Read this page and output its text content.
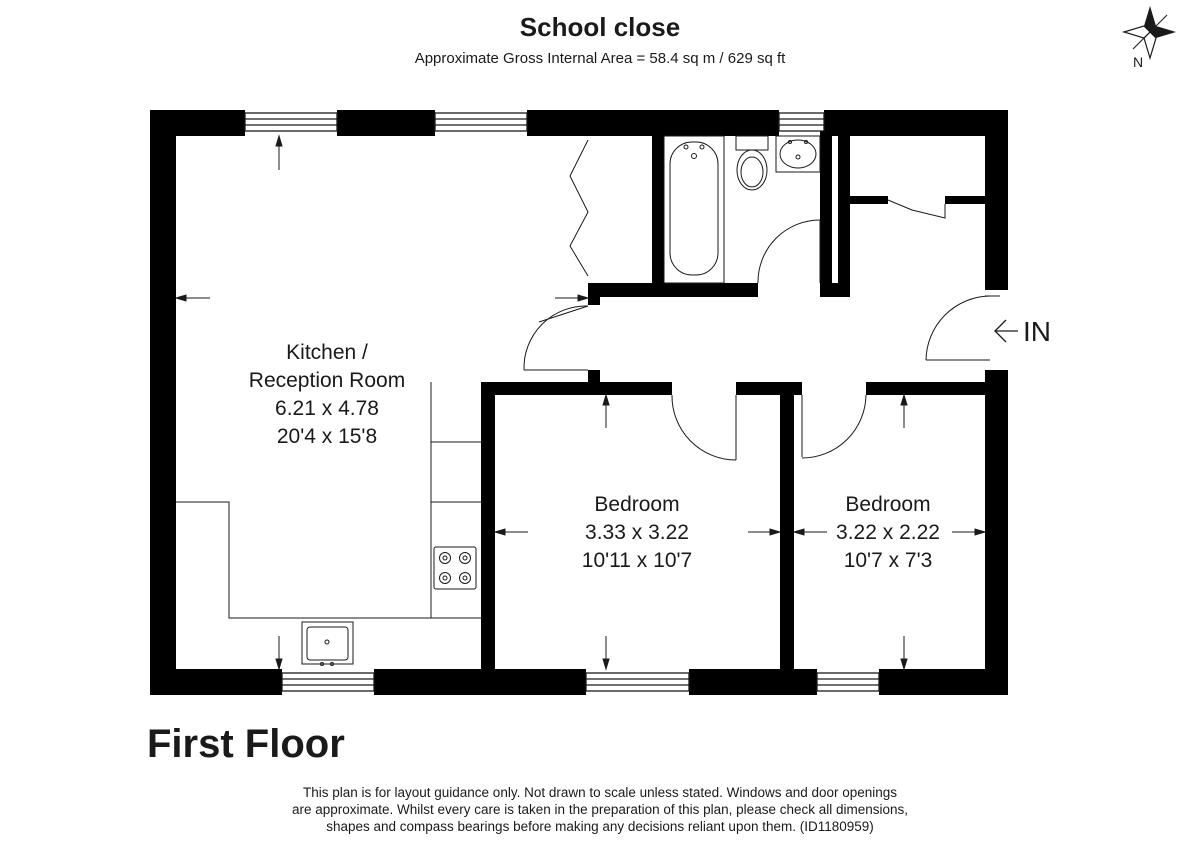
School close
Approximate Gross Internal Area = 58.4 sq m / 629 sq ft	N
IN
Kitchen /
Reception Room
6.21 x 4.78
20'4 x 15'8
Bedroom
3.33 x 3.22
10'11 x 10'7
Bedroom
3.22 x 2.22
10'7 x 7'3
First Floor
This plan is for layout guidance only. Not drawn to scale unless stated. Windows and door openings
are approximate. Whilst every care is taken in the preparation of this plan, please check all dimensions,
shapes and compass bearings before making any decisions reliant upon them. (ID1180959)
